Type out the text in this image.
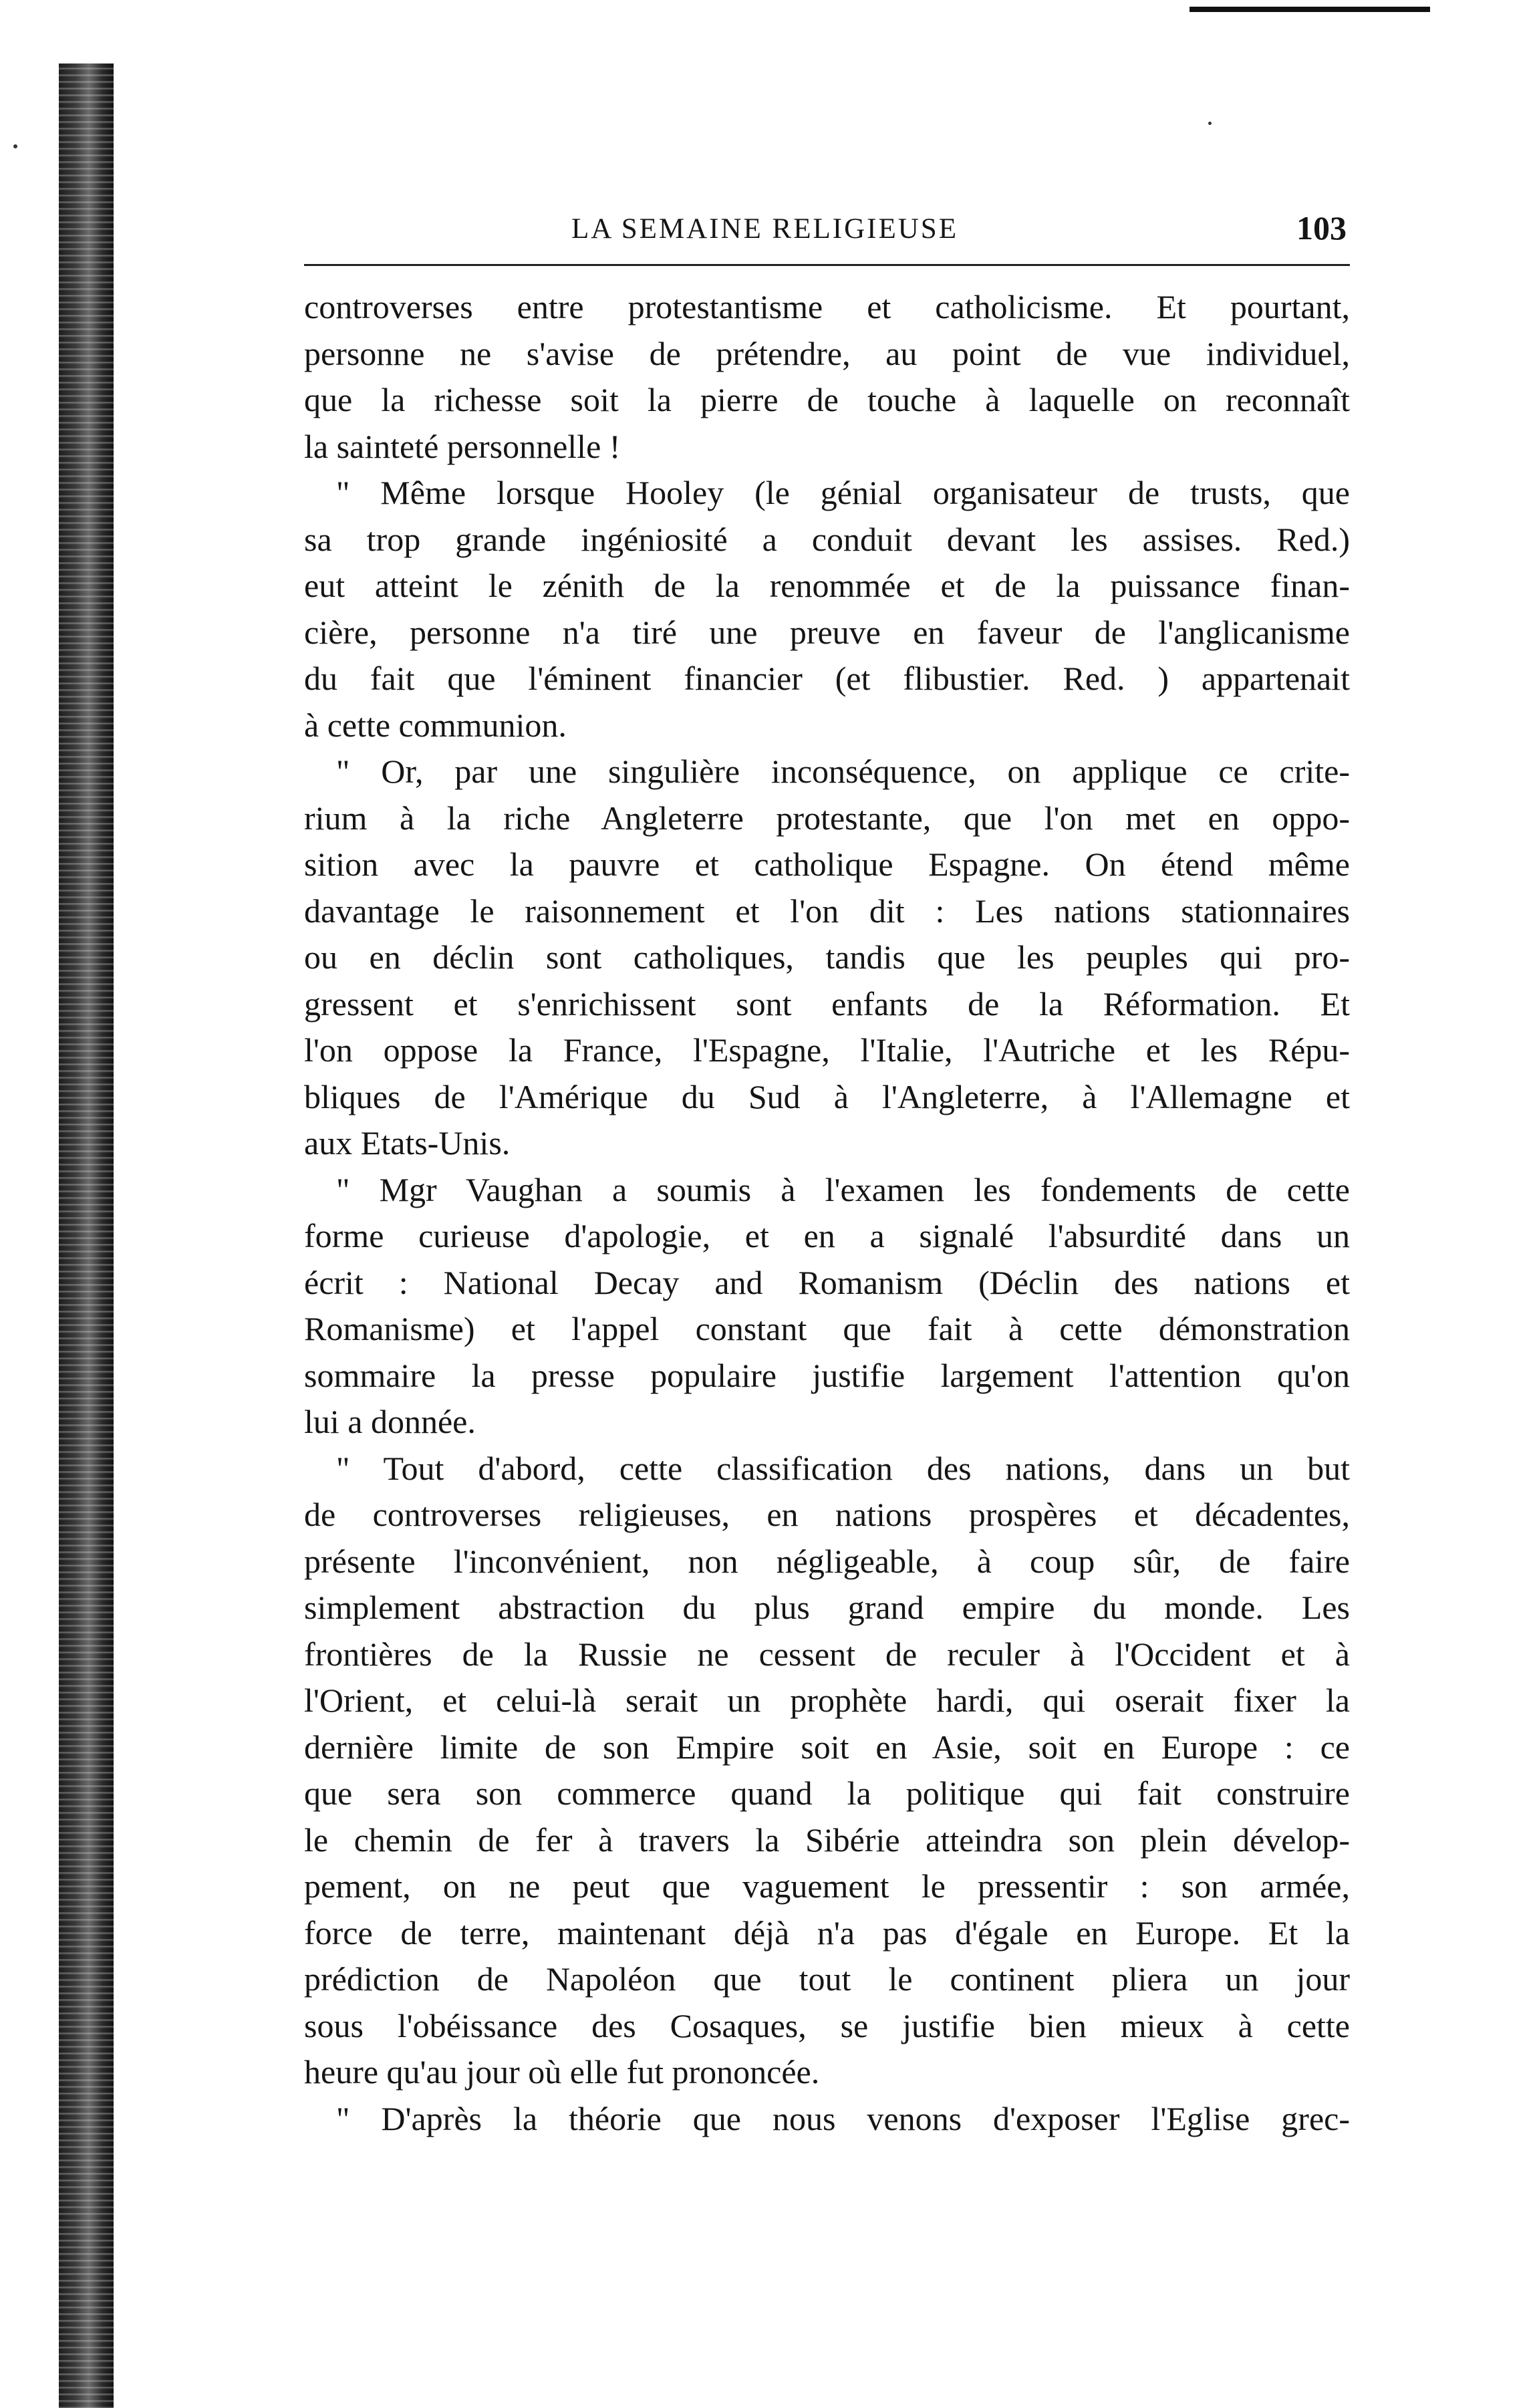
LA SEMAINE RELIGIEUSE	103
controverses entre protestantisme et catholicisme. Et pourtant,
personne ne s'avise de prétendre, au point de vue individuel,
que la richesse soit la pierre de touche à laquelle on reconnaît
la sainteté personnelle !
" Même lorsque Hooley (le génial organisateur de trusts, que
sa trop grande ingéniosité a conduit devant les assises. Red.)
eut atteint le zénith de la renommée et de la puissance finan-
cière, personne n'a tiré une preuve en faveur de l'anglicanisme
du fait que l'éminent financier (et flibustier. Red. ) appartenait
à cette communion.
" Or, par une singulière inconséquence, on applique ce crite-
rium à la riche Angleterre protestante, que l'on met en oppo-
sition avec la pauvre et catholique Espagne. On étend même
davantage le raisonnement et l'on dit : Les nations stationnaires
ou en déclin sont catholiques, tandis que les peuples qui pro-
gressent et s'enrichissent sont enfants de la Réformation. Et
l'on oppose la France, l'Espagne, l'Italie, l'Autriche et les Répu-
bliques de l'Amérique du Sud à l'Angleterre, à l'Allemagne et
aux Etats-Unis.
" Mgr Vaughan a soumis à l'examen les fondements de cette
forme curieuse d'apologie, et en a signalé l'absurdité dans un
écrit : National Decay and Romanism (Déclin des nations et
Romanisme) et l'appel constant que fait à cette démonstration
sommaire la presse populaire justifie largement l'attention qu'on
lui a donnée.
" Tout d'abord, cette classification des nations, dans un but
de controverses religieuses, en nations prospères et décadentes,
présente l'inconvénient, non négligeable, à coup sûr, de faire
simplement abstraction du plus grand empire du monde. Les
frontières de la Russie ne cessent de reculer à l'Occident et à
l'Orient, et celui-là serait un prophète hardi, qui oserait fixer la
dernière limite de son Empire soit en Asie, soit en Europe : ce
que sera son commerce quand la politique qui fait construire
le chemin de fer à travers la Sibérie atteindra son plein dévelop-
pement, on ne peut que vaguement le pressentir : son armée,
force de terre, maintenant déjà n'a pas d'égale en Europe. Et la
prédiction de Napoléon que tout le continent pliera un jour
sous l'obéissance des Cosaques, se justifie bien mieux à cette
heure qu'au jour où elle fut prononcée.
" D'après la théorie que nous venons d'exposer l'Eglise grec-
